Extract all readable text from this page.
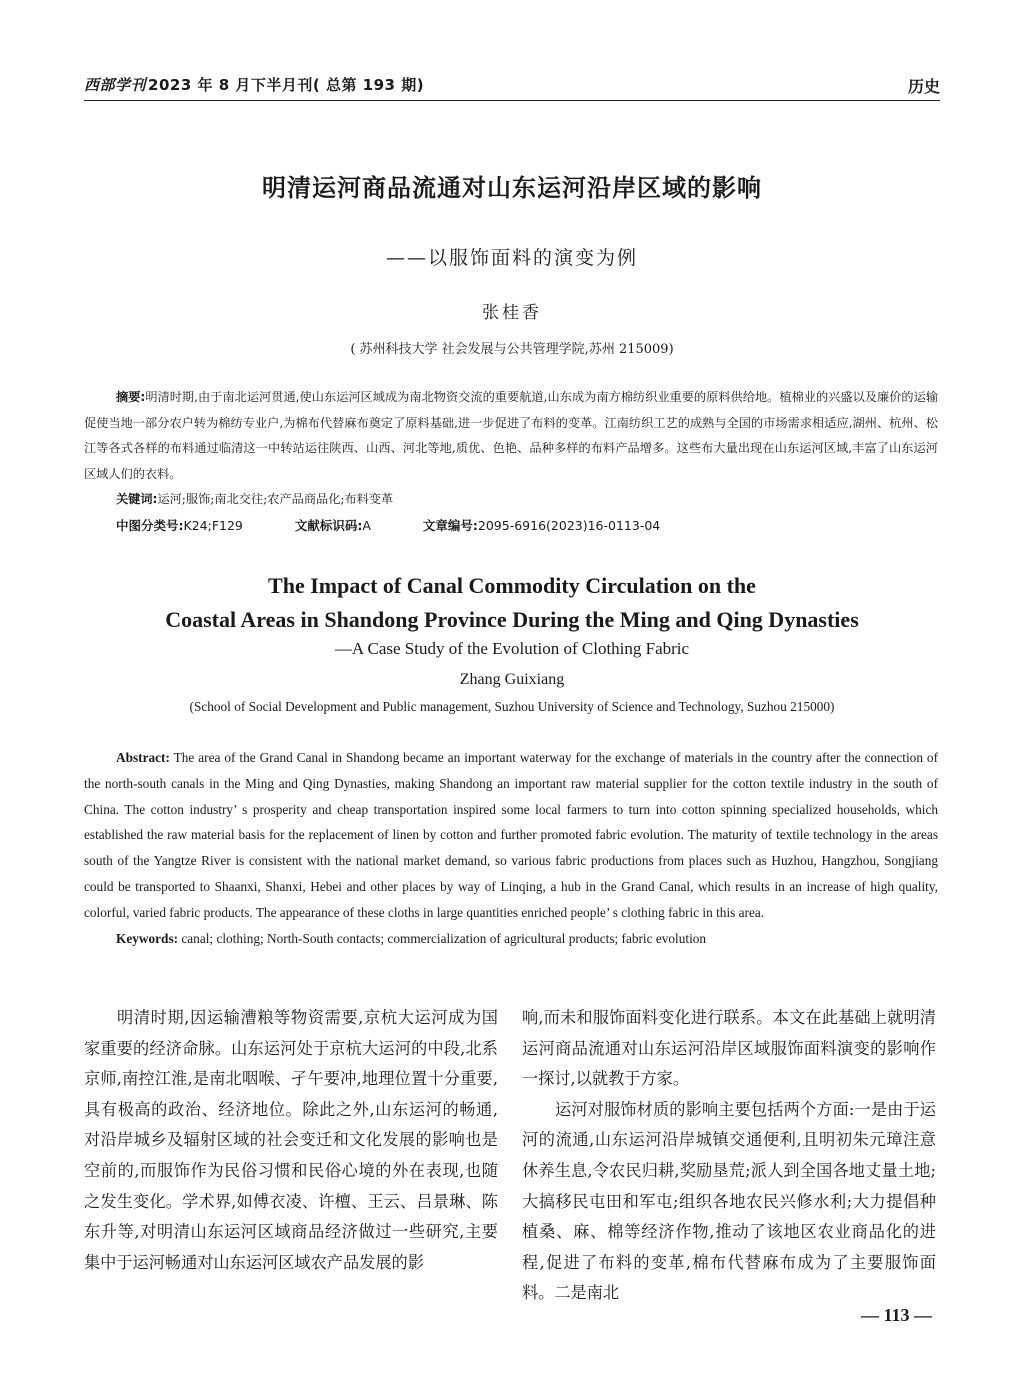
西部学刊 2023 年 8 月下半月刊( 总第 193 期)	历史
明清运河商品流通对山东运河沿岸区域的影响
——以服饰面料的演变为例
张桂香
( 苏州科技大学 社会发展与公共管理学院,苏州 215009)

摘要:明清时期,由于南北运河贯通,使山东运河区域成为南北物资交流的重要航道,山东成为南方棉纺织业重要的原料供给地。植棉业的兴盛以及廉价的运输促使当地一部分农户转为棉纺专业户,为棉布代替麻布奠定了原料基础,进一步促进了布料的变革。江南纺织工艺的成熟与全国的市场需求相适应,湖州、杭州、松江等各式各样的布料通过临清这一中转站运往陕西、山西、河北等地,质优、色艳、品种多样的布料产品增多。这些布大量出现在山东运河区域,丰富了山东运河区域人们的衣料。

关键词:运河;服饰;南北交往;农产品商品化;布料变革
中图分类号:K24;F129	文献标识码:A	文章编号:2095-6916(2023)16-0113-04
The Impact of Canal Commodity Circulation on the
Coastal Areas in Shandong Province During the Ming and Qing Dynasties
—A Case Study of the Evolution of Clothing Fabric
Zhang Guixiang
(School of Social Development and Public management, Suzhou University of Science and Technology, Suzhou 215000)

Abstract: The area of the Grand Canal in Shandong became an important waterway for the exchange of materials in the country after the connection of the north-south canals in the Ming and Qing Dynasties, making Shandong an important raw material supplier for the cotton textile industry in the south of China. The cotton industry’ s prosperity and cheap transportation inspired some local farmers to turn into cotton spinning specialized households, which established the raw material basis for the replacement of linen by cotton and further promoted fabric evolution. The maturity of textile technology in the areas south of the Yangtze River is consistent with the national market demand, so various fabric productions from places such as Huzhou, Hangzhou, Songjiang could be transported to Shaanxi, Shanxi, Hebei and other places by way of Linqing, a hub in the Grand Canal, which results in an increase of high quality, colorful, varied fabric products. The appearance of these cloths in large quantities enriched people’ s clothing fabric in this area.

Keywords: canal; clothing; North-South contacts; commercialization of agricultural products; fabric evolution

明清时期,因运输漕粮等物资需要,京杭大运河成为国家重要的经济命脉。山东运河处于京杭大运河的中段,北系京师,南控江淮,是南北咽喉、孑午要冲,地理位置十分重要,具有极高的政治、经济地位。除此之外,山东运河的畅通,对沿岸城乡及辐射区域的社会变迁和文化发展的影响也是空前的,而服饰作为民俗习惯和民俗心境的外在表现,也随之发生变化。学术界,如傅衣凌、许檀、王云、吕景琳、陈东升等,对明清山东运河区域商品经济做过一些研究,主要集中于运河畅通对山东运河区域农产品发展的影

响,而未和服饰面料变化进行联系。本文在此基础上就明清运河商品流通对山东运河沿岸区域服饰面料演变的影响作一探讨,以就教于方家。

运河对服饰材质的影响主要包括两个方面:一是由于运河的流通,山东运河沿岸城镇交通便利,且明初朱元璋注意休养生息,令农民归耕,奖励垦荒;派人到全国各地丈量土地;大搞移民屯田和军屯;组织各地农民兴修水利;大力提倡种植桑、麻、棉等经济作物,推动了该地区农业商品化的进程,促进了布料的变革,棉布代替麻布成为了主要服饰面料。二是南北

— 113 —
